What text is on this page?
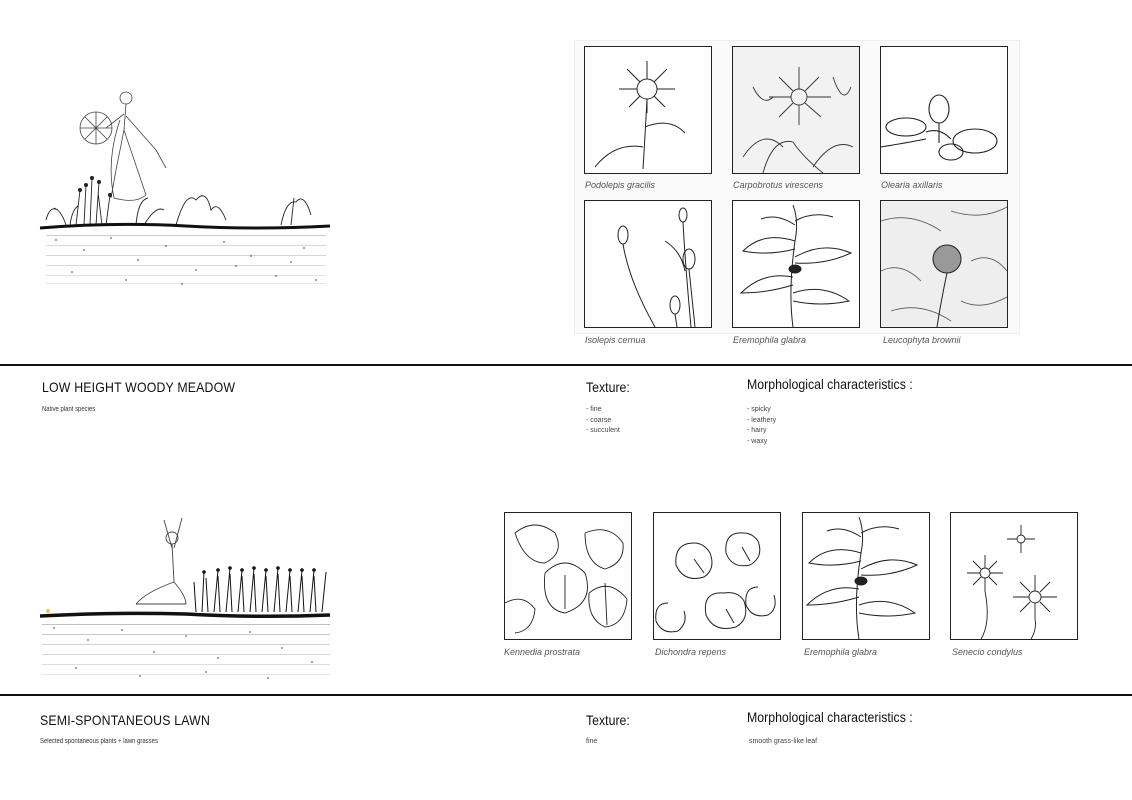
Podolepis gracilis	Carpobrotus virescens	Olearia axillaris
Isolepis cernua	Eremophila glabra	Leucophyta brownii
LOW HEIGHT WOODY MEADOW
Native plant species
Texture:
- fine
- coarse
- succulent
Morphological characteristics :
- spicky
- leathery
- hairy
- waxy
Kennedia prostrata	Dichondra repens	Eremophila glabra	Senecio condylus
SEMI-SPONTANEOUS LAWN
Selected spontaneous plants + lawn grasses
Texture:
fine
Morphological characteristics :
smooth grass-like leaf
